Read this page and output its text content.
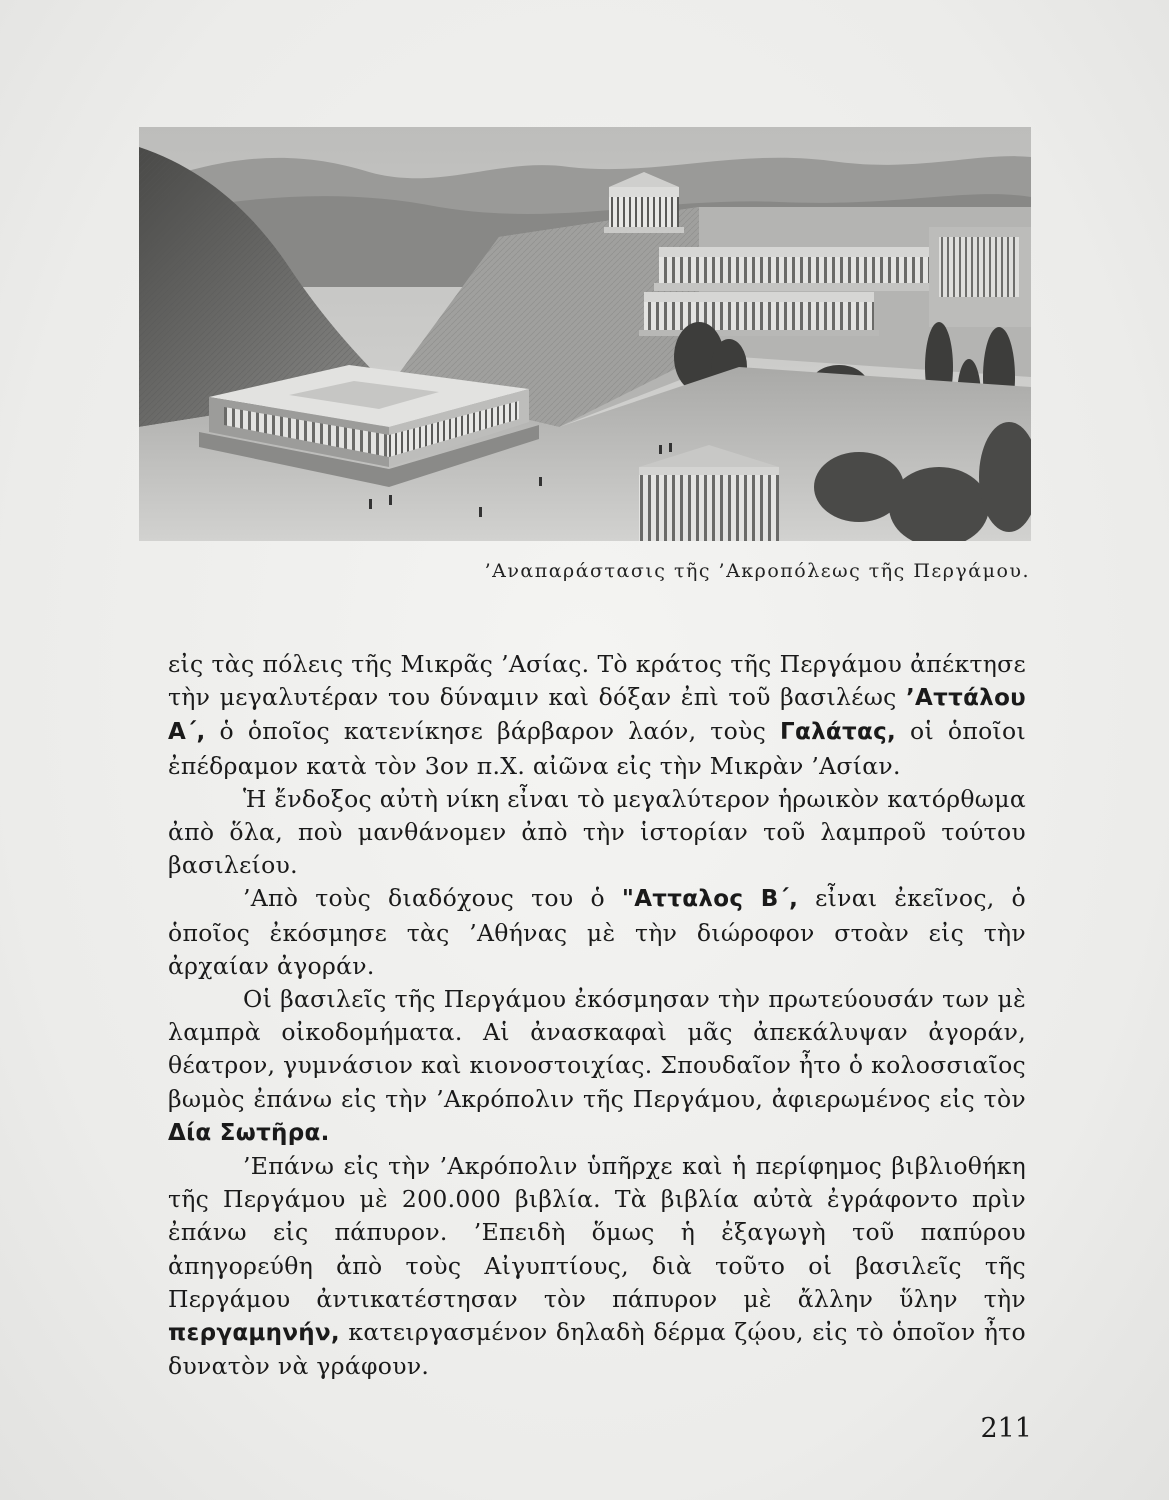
’Αναπαράστασις τῆς ’Ακροπόλεως τῆς Περγάμου.

εἰς τὰς πόλεις τῆς Μικρᾶς ’Ασίας. Τὸ κράτος τῆς Περγάμου ἀπέκτησε τὴν μεγαλυτέραν του δύναμιν καὶ δόξαν ἐπὶ τοῦ βασιλέως ’Αττάλου Α΄, ὁ ὁποῖος κατενίκησε βάρβαρον λαόν, τοὺς Γαλάτας, οἱ ὁποῖοι ἐπέδραμον κατὰ τὸν 3ον π.Χ. αἰῶνα εἰς τὴν Μικρὰν ’Ασίαν.

Ἡ ἔνδοξος αὐτὴ νίκη εἶναι τὸ μεγαλύτερον ἡρωικὸν κατόρθωμα ἀπὸ ὅλα, ποὺ μανθάνομεν ἀπὸ τὴν ἱστορίαν τοῦ λαμπροῦ τούτου βασιλείου.

’Απὸ τοὺς διαδόχους του ὁ "Ατταλος Β΄, εἶναι ἐκεῖνος, ὁ ὁποῖος ἐκόσμησε τὰς ’Αθήνας μὲ τὴν διώροφον στοὰν εἰς τὴν ἀρχαίαν ἀγοράν.

Οἱ βασιλεῖς τῆς Περγάμου ἐκόσμησαν τὴν πρωτεύουσάν των μὲ λαμπρὰ οἰκοδομήματα. Αἱ ἀνασκαφαὶ μᾶς ἀπεκάλυψαν ἀγοράν, θέατρον, γυμνάσιον καὶ κιονοστοιχίας. Σπουδαῖον ἦτο ὁ κολοσσιαῖος βωμὸς ἐπάνω εἰς τὴν ’Ακρόπολιν τῆς Περγάμου, ἀφιερωμένος εἰς τὸν Δία Σωτῆρα.

’Επάνω εἰς τὴν ’Ακρόπολιν ὑπῆρχε καὶ ἡ περίφημος βιβλιοθήκη τῆς Περγάμου μὲ 200.000 βιβλία. Τὰ βιβλία αὐτὰ ἐγράφοντο πρὶν ἐπάνω εἰς πάπυρον. ’Επειδὴ ὅμως ἡ ἐξαγωγὴ τοῦ παπύρου ἀπηγορεύθη ἀπὸ τοὺς Αἰγυπτίους, διὰ τοῦτο οἱ βασιλεῖς τῆς Περγάμου ἀντικατέστησαν τὸν πάπυρον μὲ ἄλλην ὕλην τὴν περγαμηνήν, κατειργασμένον δηλαδὴ δέρμα ζῴου, εἰς τὸ ὁποῖον ἦτο δυνατὸν νὰ γράφουν.

211
